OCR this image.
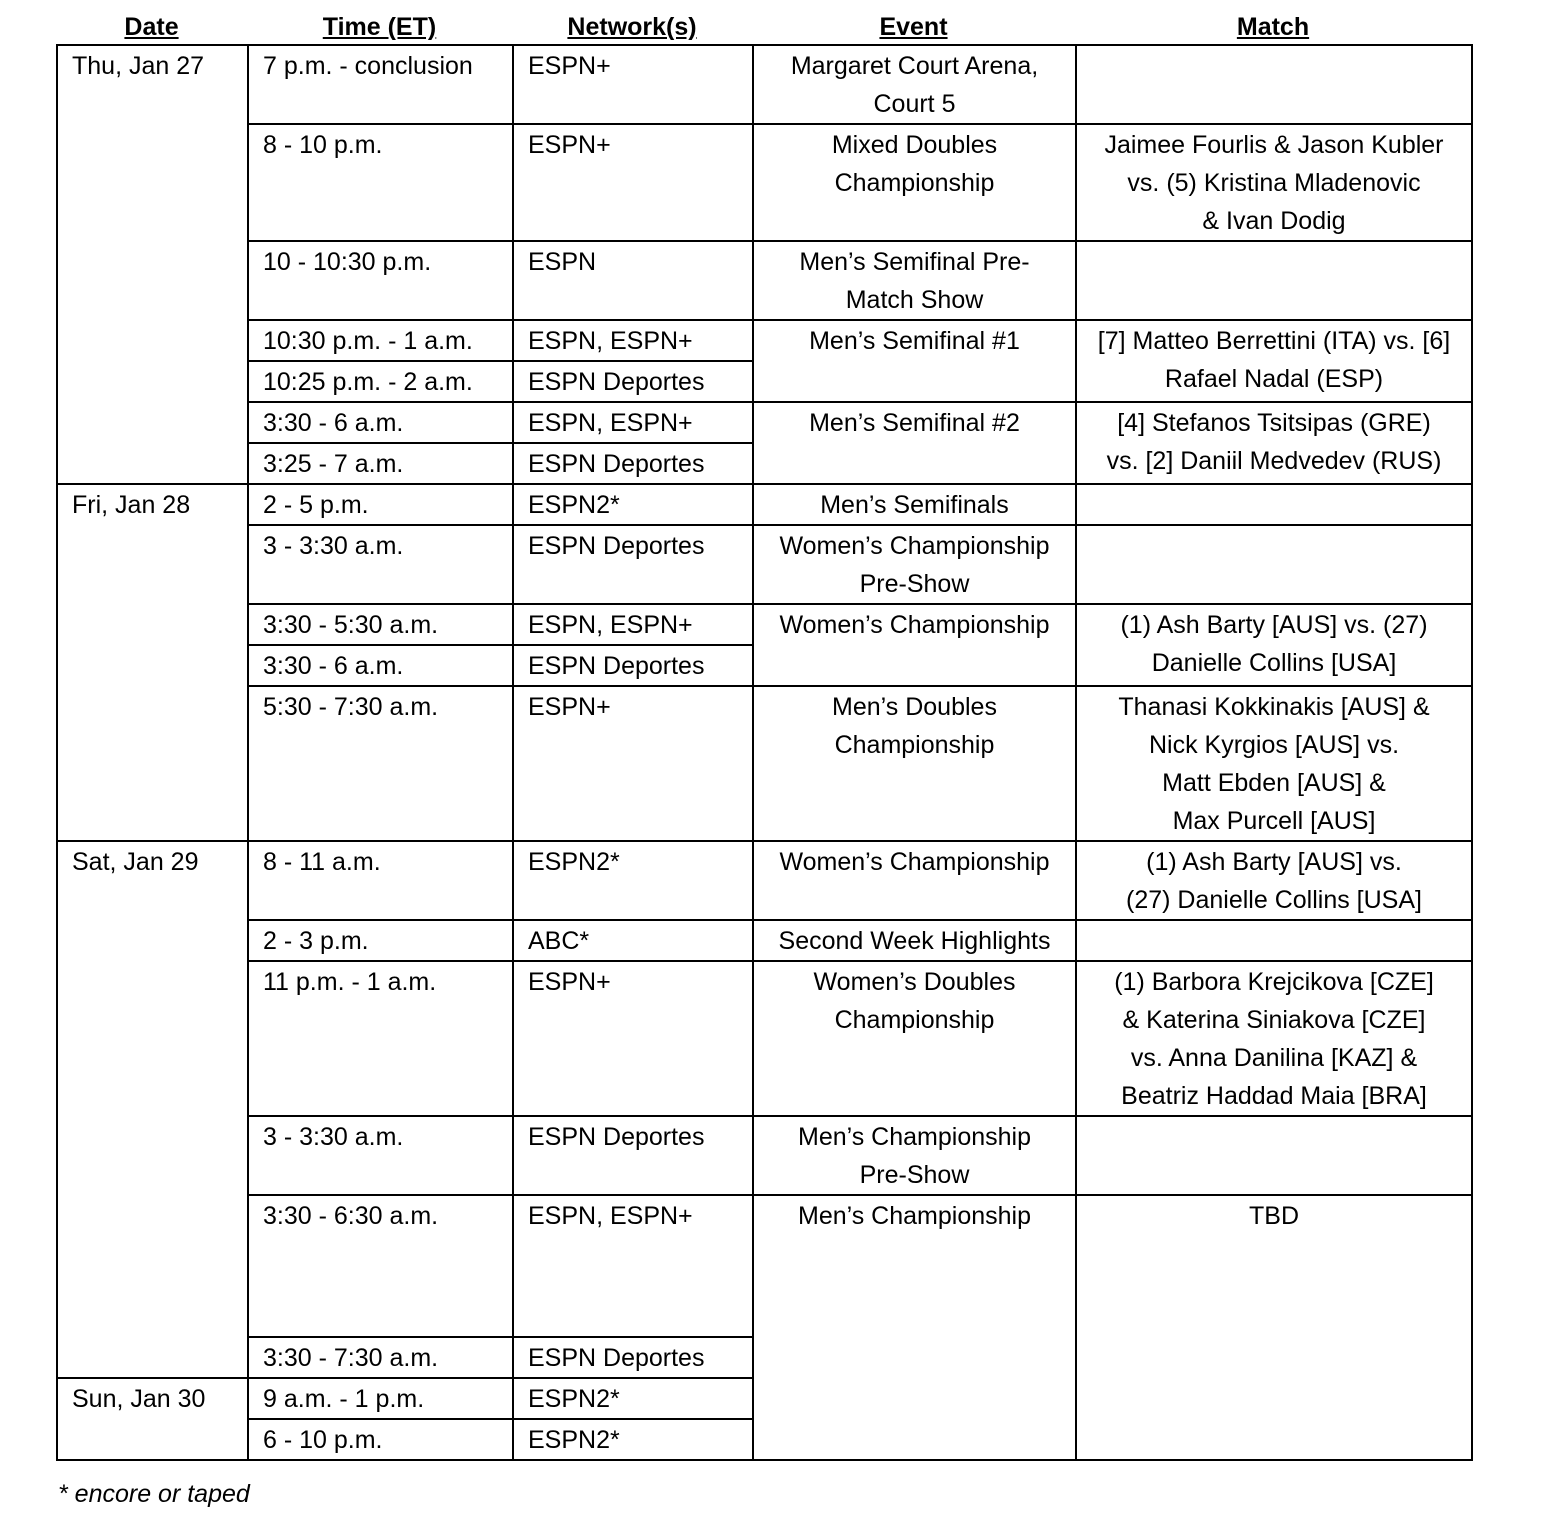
Date	Time (ET)	Network(s)	Event	Match
Thu, Jan 27	7 p.m. - conclusion	ESPN+	Margaret Court Arena,
Court 5	
	8 - 10 p.m.	ESPN+	Mixed Doubles
Championship	Jaimee Fourlis & Jason Kubler
vs. (5) Kristina Mladenovic
& Ivan Dodig
	10 - 10:30 p.m.	ESPN	Men’s Semifinal Pre-
Match Show	
	10:30 p.m. - 1 a.m.	ESPN, ESPN+	Men’s Semifinal #1	[7] Matteo Berrettini (ITA) vs. [6]
Rafael Nadal (ESP)
	10:25 p.m. - 2 a.m.	ESPN Deportes		
	3:30 - 6 a.m.	ESPN, ESPN+	Men’s Semifinal #2	[4] Stefanos Tsitsipas (GRE)
vs. [2] Daniil Medvedev (RUS)
	3:25 - 7 a.m.	ESPN Deportes		
Fri, Jan 28	2 - 5 p.m.	ESPN2*	Men’s Semifinals	
	3 - 3:30 a.m.	ESPN Deportes	Women’s Championship
Pre-Show	
	3:30 - 5:30 a.m.	ESPN, ESPN+	Women’s Championship	(1) Ash Barty [AUS] vs. (27)
Danielle Collins [USA]
	3:30 - 6 a.m.	ESPN Deportes		
	5:30 - 7:30 a.m.	ESPN+	Men’s Doubles
Championship	Thanasi Kokkinakis [AUS] &
Nick Kyrgios [AUS] vs.
Matt Ebden [AUS] &
Max Purcell [AUS]
Sat, Jan 29	8 - 11 a.m.	ESPN2*	Women’s Championship	(1) Ash Barty [AUS] vs.
(27) Danielle Collins [USA]
	2 - 3 p.m.	ABC*	Second Week Highlights	
	11 p.m. - 1 a.m.	ESPN+	Women’s Doubles
Championship	(1) Barbora Krejcikova [CZE]
& Katerina Siniakova [CZE]
vs. Anna Danilina [KAZ] &
Beatriz Haddad Maia [BRA]
	3 - 3:30 a.m.	ESPN Deportes	Men’s Championship
Pre-Show	
	3:30 - 6:30 a.m.	ESPN, ESPN+	Men’s Championship	TBD
	3:30 - 7:30 a.m.	ESPN Deportes		
Sun, Jan 30	9 a.m. - 1 p.m.	ESPN2*		
	6 - 10 p.m.	ESPN2*		
* encore or taped
